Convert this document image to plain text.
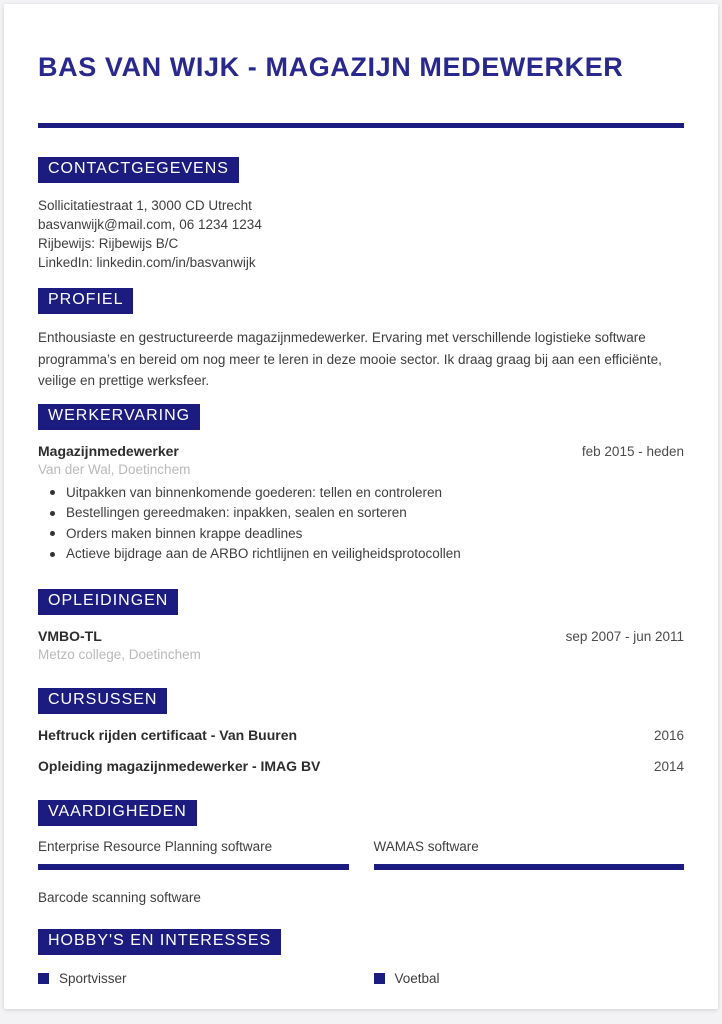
BAS VAN WIJK - MAGAZIJN MEDEWERKER
CONTACTGEGEVENS
Sollicitatiestraat 1, 3000 CD Utrecht
basvanwijk@mail.com, 06 1234 1234
Rijbewijs: Rijbewijs B/C
LinkedIn: linkedin.com/in/basvanwijk
PROFIEL

Enthousiaste en gestructureerde magazijnmedewerker. Ervaring met verschillende logistieke software programma’s en bereid om nog meer te leren in deze mooie sector. Ik draag graag bij aan een efficiënte, veilige en prettige werksfeer.

WERKERVARING
Magazijnmedewerker	feb 2015 - heden
Van der Wal, Doetinchem
Uitpakken van binnenkomende goederen: tellen en controleren
Bestellingen gereedmaken: inpakken, sealen en sorteren
Orders maken binnen krappe deadlines
Actieve bijdrage aan de ARBO richtlijnen en veiligheidsprotocollen
OPLEIDINGEN
VMBO-TL	sep 2007 - jun 2011
Metzo college, Doetinchem
CURSUSSEN
Heftruck rijden certificaat - Van Buuren	2016
Opleiding magazijnmedewerker - IMAG BV	2014
VAARDIGHEDEN
Enterprise Resource Planning software	WAMAS software
Barcode scanning software
HOBBY'S EN INTERESSES
Sportvisser	Voetbal
